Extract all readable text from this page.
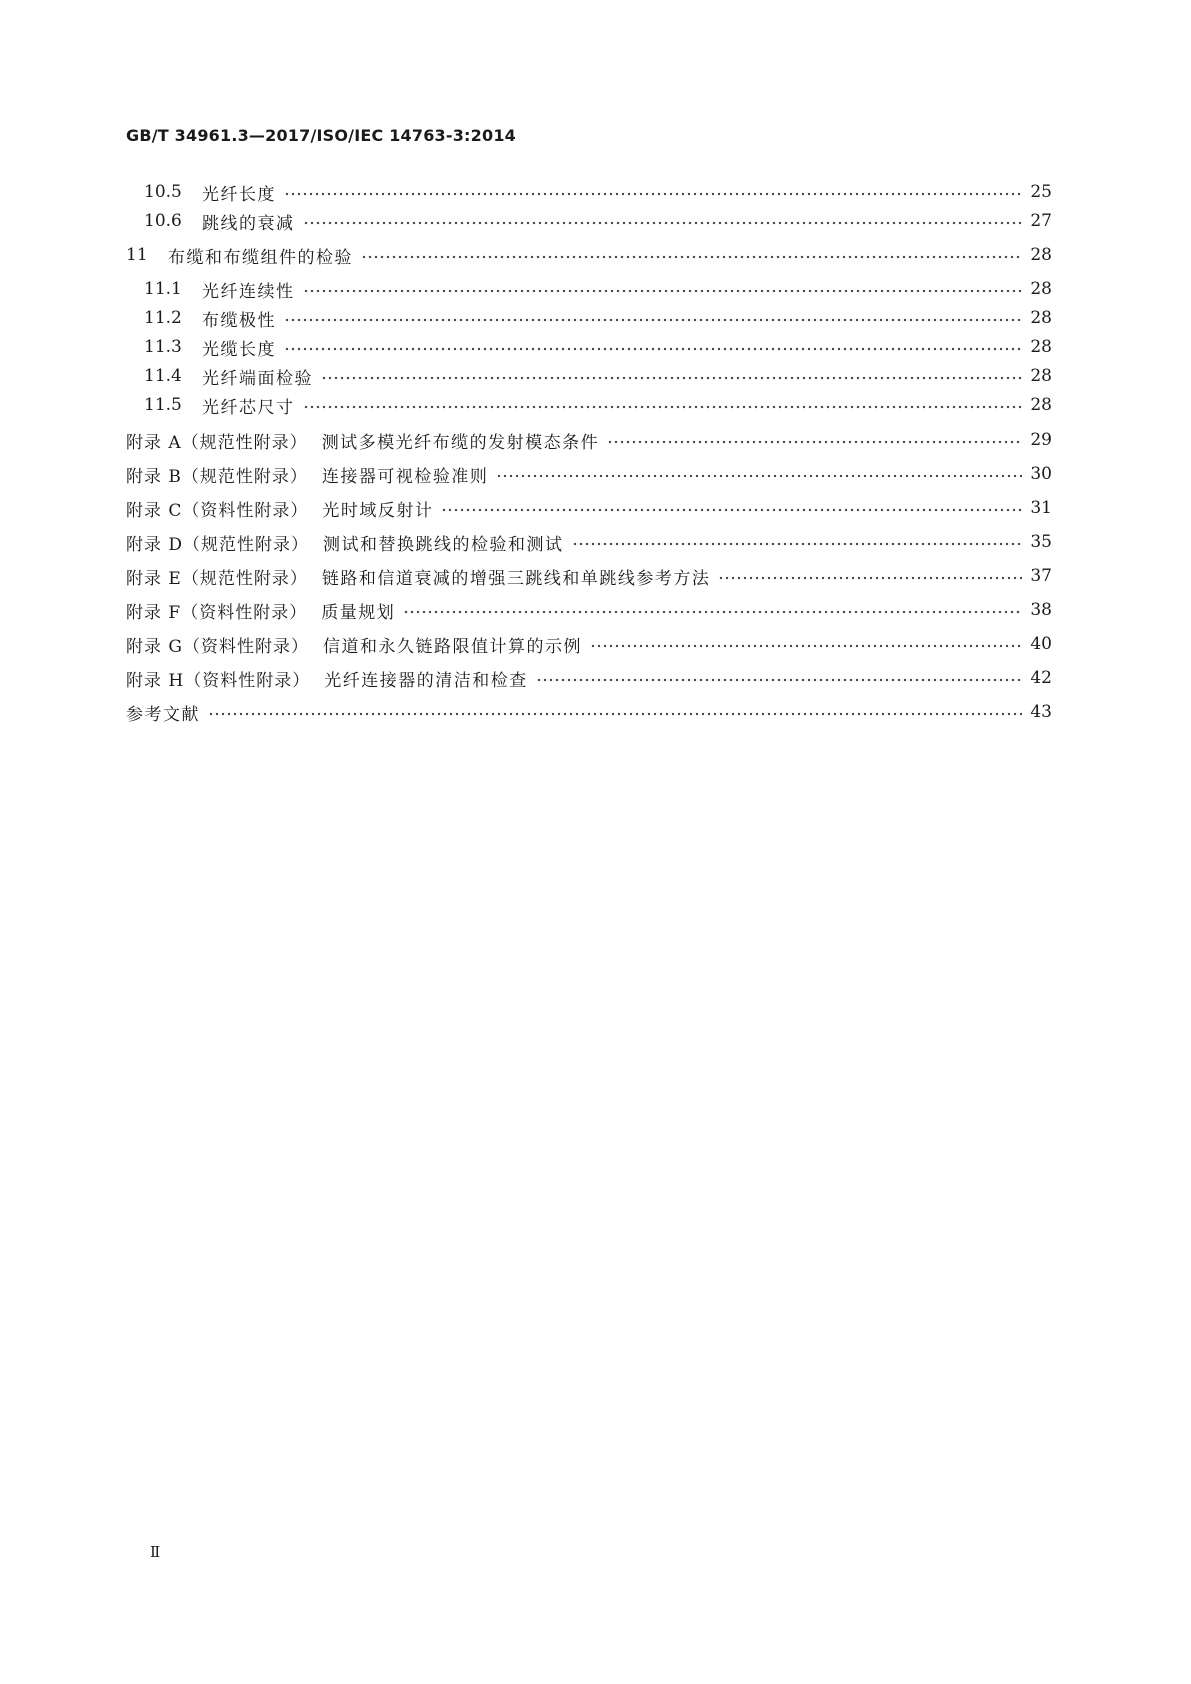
GB/T 34961.3—2017/ISO/IEC 14763-3:2014
10.5	光纤长度	25
10.6	跳线的衰减	27
11	布缆和布缆组件的检验	28
11.1	光纤连续性	28
11.2	布缆极性	28
11.3	光缆长度	28
11.4	光纤端面检验	28
11.5	光纤芯尺寸	28
附录 A（规范性附录） 测试多模光纤布缆的发射模态条件	29
附录 B（规范性附录） 连接器可视检验准则	30
附录 C（资料性附录） 光时域反射计	31
附录 D（规范性附录） 测试和替换跳线的检验和测试	35
附录 E（规范性附录） 链路和信道衰减的增强三跳线和单跳线参考方法	37
附录 F（资料性附录） 质量规划	38
附录 G（资料性附录） 信道和永久链路限值计算的示例	40
附录 H（资料性附录） 光纤连接器的清洁和检查	42
参考文献	43
Ⅱ
